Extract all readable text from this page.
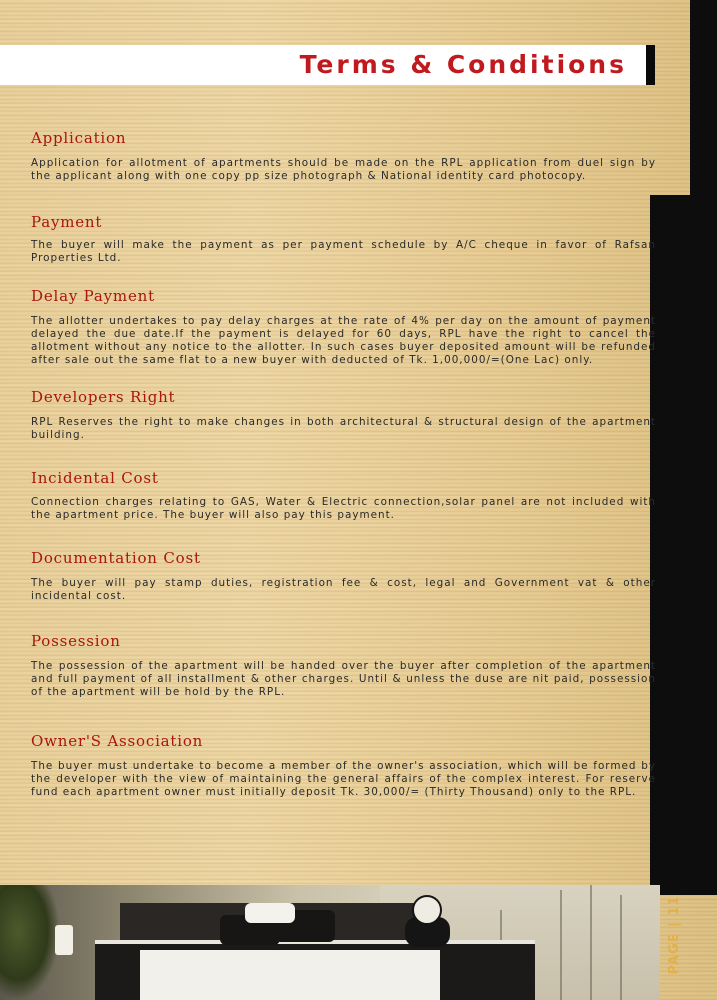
Terms & Conditions
Application

Application for allotment of apartments should be made on the RPL application from duel sign by the applicant along with one copy pp size photograph & National identity card photocopy.

Payment

The buyer will make the payment as per payment schedule by A/C cheque in favor of Rafsan Properties Ltd.

Delay Payment

The allotter undertakes to pay delay charges at the rate of 4% per day on the amount of payment delayed the due date.If the payment is delayed for 60 days, RPL have the right to cancel the allotment without any notice to the allotter. In such cases buyer deposited amount will be refunded after sale out the same flat to a new buyer with deducted of Tk. 1,00,000/=(One Lac) only.

Developers Right

RPL Reserves the right to make changes in both architectural & structural design of the apartment building.

Incidental Cost

Connection charges relating to GAS, Water & Electric connection,solar panel are not included with the apartment price. The buyer will also pay this payment.

Documentation Cost

The buyer will pay stamp duties, registration fee & cost, legal and Government vat & other incidental cost.

Possession

The possession of the apartment will be handed over the buyer after completion of the apartment and full payment of all installment & other charges. Until & unless the duse are nit paid, possession of the apartment will be hold by the RPL.

Owner'S Association

The buyer must undertake to become a member of the owner's association, which will be formed by the developer with the view of maintaining the general affairs of the complex interest. For reserve fund each apartment owner must initially deposit Tk. 30,000/= (Thirty Thousand) only to the RPL.

PAGE | 11
